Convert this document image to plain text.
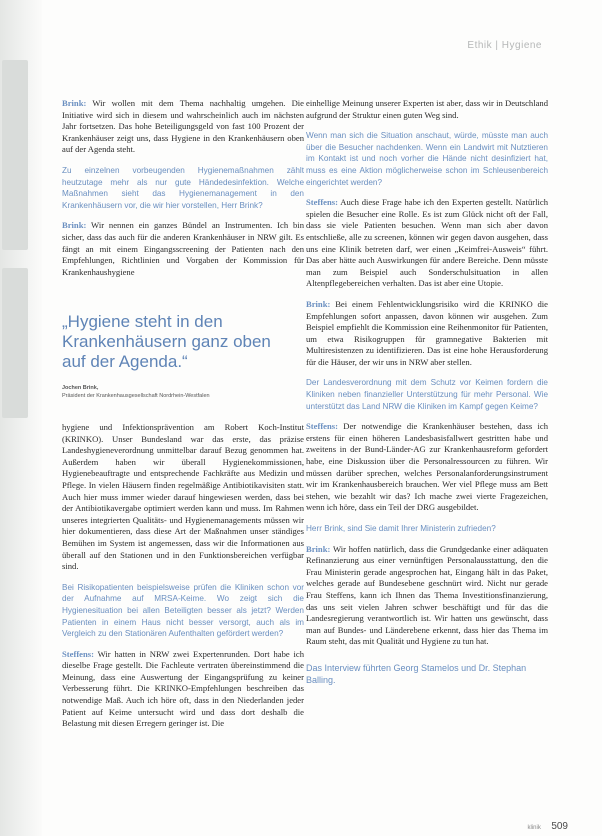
Ethik | Hygiene

Brink: Wir wollen mit dem Thema nachhaltig umgehen. Die Initiative wird sich in diesem und wahrscheinlich auch im nächsten Jahr fortsetzen. Das hohe Beteiligungsgeld von fast 100 Prozent der Krankenhäuser zeigt uns, dass Hygiene in den Krankenhäusern oben auf der Agenda steht.

Zu einzelnen vorbeugenden Hygienemaßnahmen zählt heutzutage mehr als nur gute Händedesinfektion. Welche Maßnahmen sieht das Hygienemanagement in den Krankenhäusern vor, die wir hier vorstellen, Herr Brink?

Brink: Wir nennen ein ganzes Bündel an Instrumenten. Ich bin sicher, dass das auch für die anderen Krankenhäuser in NRW gilt. Es fängt an mit einem Eingangsscreening der Patienten nach den Empfehlungen, Richtlinien und Vorgaben der Kommission für Krankenhaushygiene

„Hygiene steht in den Krankenhäusern ganz oben auf der Agenda.“
Jochen Brink,
Präsident der Krankenhausgesellschaft Nordrhein-Westfalen

hygiene und Infektionsprävention am Robert Koch-Institut (KRINKO). Unser Bundesland war das erste, das präzise Landeshygieneverordnung unmittelbar darauf Bezug genommen hat. Außerdem haben wir überall Hygienekommissionen, Hygienebeauftragte und entsprechende Fachkräfte aus Medizin und Pflege. In vielen Häusern finden regelmäßige Antibiotikavisiten statt. Auch hier muss immer wieder darauf hingewiesen werden, dass bei der Antibiotikavergabe optimiert werden kann und muss. Im Rahmen unseres integrierten Qualitäts- und Hygienemanagements müssen wir hier dokumentieren, dass diese Art der Maßnahmen unser ständiges Bemühen im System ist angemessen, dass wir die Informationen aus überall auf den Stationen und in den Funktionsbereichen verfügbar sind.

Bei Risikopatienten beispielsweise prüfen die Kliniken schon vor der Aufnahme auf MRSA-Keime. Wo zeigt sich die Hygienesituation bei allen Beteiligten besser als jetzt? Werden Patienten in einem Haus nicht besser versorgt, auch als im Vergleich zu den Stationären Aufenthalten gefördert werden?

Steffens: Wir hatten in NRW zwei Expertenrunden. Dort habe ich dieselbe Frage gestellt. Die Fachleute vertraten übereinstimmend die Meinung, dass eine Auswertung der Eingangsprüfung zu keiner Verbesserung führt. Die KRINKO-Empfehlungen beschreiben das notwendige Maß. Auch ich höre oft, dass in den Niederlanden jeder Patient auf Keime untersucht wird und dass dort deshalb die Belastung mit diesen Erregern geringer ist. Die

einhellige Meinung unserer Experten ist aber, dass wir in Deutschland aufgrund der Struktur einen guten Weg sind.

Wenn man sich die Situation anschaut, würde, müsste man auch über die Besucher nachdenken. Wenn ein Landwirt mit Nutztieren im Kontakt ist und noch vorher die Hände nicht desinfiziert hat, muss es eine Aktion möglicherweise schon im Schleusenbereich eingerichtet werden?

Steffens: Auch diese Frage habe ich den Experten gestellt. Natürlich spielen die Besucher eine Rolle. Es ist zum Glück nicht oft der Fall, dass sie viele Patienten besuchen. Wenn man sich aber davon entschließe, alle zu screenen, können wir gegen davon ausgehen, dass uns eine Klinik betreten darf, wer einen „Keimfrei-Ausweis“ führt. Das aber hätte auch Auswirkungen für andere Bereiche. Denn müsste man zum Beispiel auch Sonderschulsituation in allen Altenpflegebereichen verhalten. Das ist aber eine Utopie.

Brink: Bei einem Fehlentwicklungsrisiko wird die KRINKO die Empfehlungen sofort anpassen, davon können wir ausgehen. Zum Beispiel empfiehlt die Kommission eine Reihenmonitor für Patienten, um etwa Risikogruppen für gramnegative Bakterien mit Multiresistenzen zu identifizieren. Das ist eine hohe Herausforderung für die Häuser, der wir uns in NRW aber stellen.

Der Landesverordnung mit dem Schutz vor Keimen fordern die Kliniken neben finanzieller Unterstützung für mehr Personal. Wie unterstützt das Land NRW die Kliniken im Kampf gegen Keime?

Steffens: Der notwendige die Krankenhäuser bestehen, dass ich erstens für einen höheren Landesbasisfallwert gestritten habe und zweitens in der Bund-Länder-AG zur Krankenhausreform gefordert habe, eine Diskussion über die Personalressourcen zu führen. Wir müssen darüber sprechen, welches Personalanforderungsinstrument wir im Krankenhausbereich brauchen. Wer viel Pflege muss am Bett stehen, wie bezahlt wir das? Ich mache zwei vierte Fragezeichen, wenn ich höre, dass ein Teil der DRG ausgebildet.

Herr Brink, sind Sie damit Ihrer Ministerin zufrieden?

Brink: Wir hoffen natürlich, dass die Grundgedanke einer adäquaten Refinanzierung aus einer vernünftigen Personalausstattung, den die Frau Ministerin gerade angesprochen hat, Eingang hält in das Paket, welches gerade auf Bundesebene geschnürt wird. Nicht nur gerade Frau Steffens, kann ich Ihnen das Thema Investitionsfinanzierung, das uns seit vielen Jahren schwer beschäftigt und für das die Landesregierung verantwortlich ist. Wir hatten uns gewünscht, dass man auf Bundes- und Länderebene erkennt, dass hier das Thema im Raum steht, das mit Qualität und Hygiene zu tun hat.

Das Interview führten Georg Stamelos und Dr. Stephan Balling.
klinik 509
